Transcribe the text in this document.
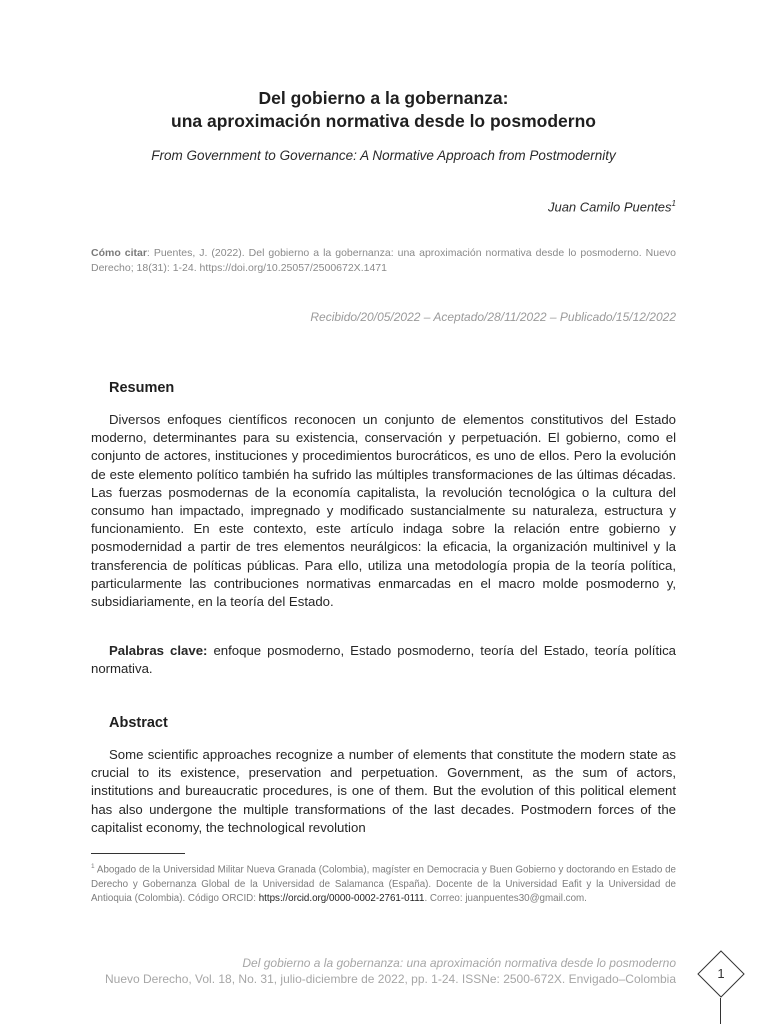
Del gobierno a la gobernanza:
una aproximación normativa desde lo posmoderno
From Government to Governance: A Normative Approach from Postmodernity
Juan Camilo Puentes$^1$
Cómo citar: Puentes, J. (2022). Del gobierno a la gobernanza: una aproximación normativa desde lo posmoderno. Nuevo Derecho; 18(31): 1-24. https://doi.org/10.25057/2500672X.1471
Recibido/20/05/2022 – Aceptado/28/11/2022 – Publicado/15/12/2022
Resumen

Diversos enfoques científicos reconocen un conjunto de elementos constitutivos del Estado moderno, determinantes para su existencia, conservación y perpetuación. El gobierno, como el conjunto de actores, instituciones y procedimientos burocráticos, es uno de ellos. Pero la evolución de este elemento político también ha sufrido las múltiples transformaciones de las últimas décadas. Las fuerzas posmodernas de la economía capitalista, la revolución tecnológica o la cultura del consumo han impactado, impregnado y modificado sustancialmente su naturaleza, estructura y funcionamiento. En este contexto, este artículo indaga sobre la relación entre gobierno y posmodernidad a partir de tres elementos neurálgicos: la eficacia, la organización multinivel y la transferencia de políticas públicas. Para ello, utiliza una metodología propia de la teoría política, particularmente las contribuciones normativas enmarcadas en el macro molde posmoderno y, subsidiariamente, en la teoría del Estado.

Palabras clave: enfoque posmoderno, Estado posmoderno, teoría del Estado, teoría política normativa.

Abstract

Some scientific approaches recognize a number of elements that constitute the modern state as crucial to its existence, preservation and perpetuation. Government, as the sum of actors, institutions and bureaucratic procedures, is one of them. But the evolution of this political element has also undergone the multiple transformations of the last decades. Postmodern forces of the capitalist economy, the technological revolution

$^1$ Abogado de la Universidad Militar Nueva Granada (Colombia), magíster en Democracia y Buen Gobierno y doctorando en Estado de Derecho y Gobernanza Global de la Universidad de Salamanca (España). Docente de la Universidad Eafit y la Universidad de Antioquia (Colombia). Código ORCID: https://orcid.org/0000-0002-2761-0111. Correo: juanpuentes30@gmail.com.
Del gobierno a la gobernanza: una aproximación normativa desde lo posmoderno
Nuevo Derecho, Vol. 18, No. 31, julio-diciembre de 2022, pp. 1-24. ISSNe: 2500-672X. Envigado–Colombia	1
